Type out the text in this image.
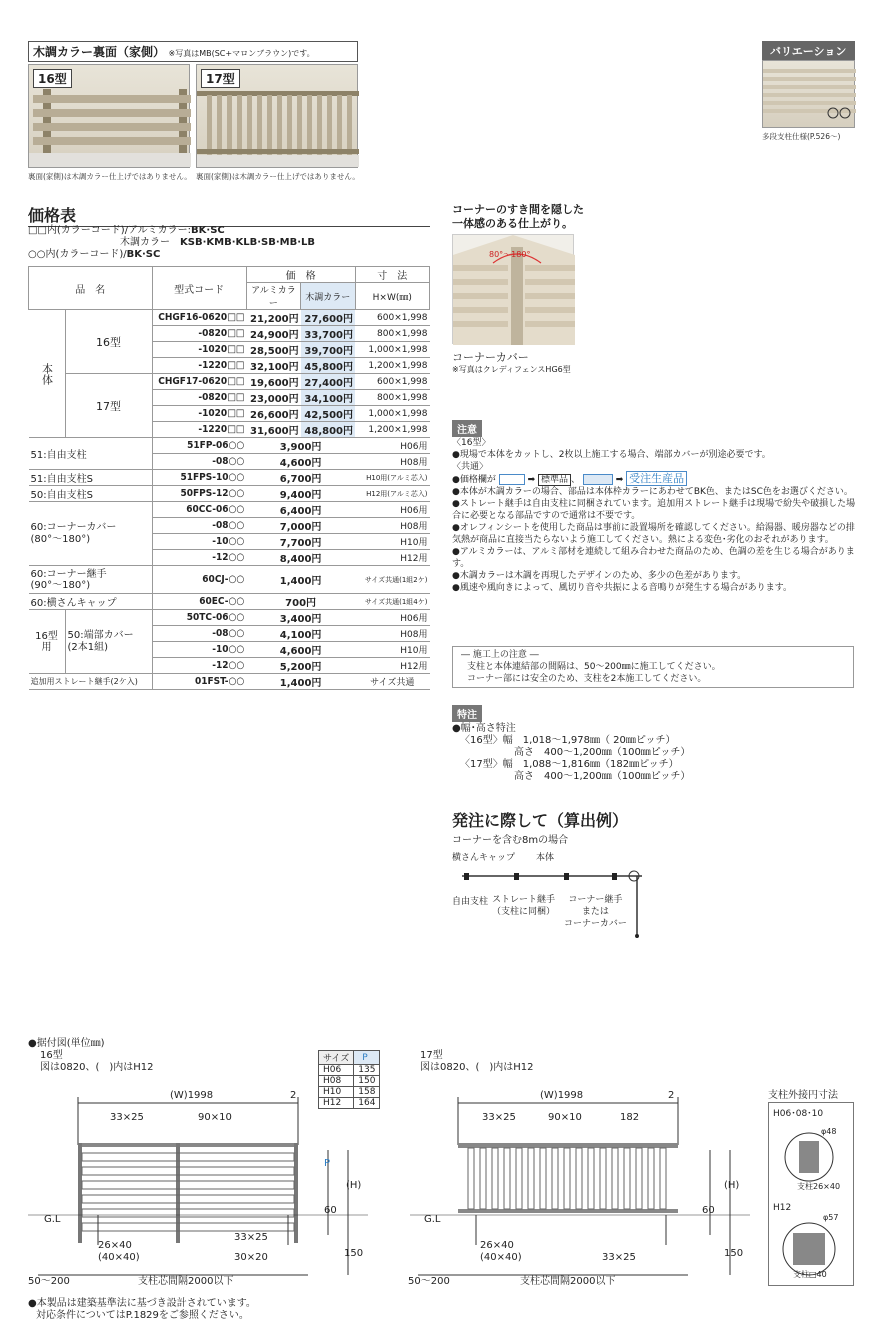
木調カラー裏面（家側） ※写真はMB(SC+マロンブラウン)です。
16型	17型
裏面(家側)は木調カラー仕上げではありません。 裏面(家側)は木調カラー仕上げではありません。
バリエーション
多段支柱仕様(P.526～)
価格表
□□内(カラーコード)/アルミカラー:BK·SC
木調カラー　 KSB·KMB·KLB·SB·MB·LB
○○内(カラーコード)/BK·SC
品　名		型式コード	価　格		寸　法
			アルミカラー	木調カラー	H×W(㎜)
本体	16型	CHGF16-0620□□	21,200円	27,600円	600×1,998
		-0820□□	24,900円	33,700円	800×1,998
		-1020□□	28,500円	39,700円	1,000×1,998
		-1220□□	32,100円	45,800円	1,200×1,998
	17型	CHGF17-0620□□	19,600円	27,400円	600×1,998
		-0820□□	23,000円	34,100円	800×1,998
		-1020□□	26,600円	42,500円	1,000×1,998
		-1220□□	31,600円	48,800円	1,200×1,998
51:自由支柱		51FP-06○○	3,900円		H06用
		-08○○	4,600円		H08用
51:自由支柱S		51FPS-10○○	6,700円		H10用(アルミ芯入)
50:自由支柱S		50FPS-12○○	9,400円		H12用(アルミ芯入)

60:コーナーカバー
(80°～180°)		60CC-06○○	6,400円		H06用
		-08○○	7,000円		H08用
		-10○○	7,700円		H10用
		-12○○	8,400円		H12用

60:コーナー継手
(90°～180°)		60CJ-○○	1,400円		サイズ共通(1組2ケ)
60:横さんキャップ		60EC-○○	700円		サイズ共通(1組4ケ)
16型用	50:端部カバー
(2本1組)	50TC-06○○	3,400円		H06用
		-08○○	4,100円		H08用
		-10○○	4,600円		H10用
		-12○○	5,200円		H12用
追加用ストレート継手(2ケ入)		01FST-○○	1,400円		サイズ共通
コーナーのすき間を隠した
一体感のある仕上がり。
80°～180°
コーナーカバー
※写真はクレディフェンスHG6型
注意

〈16型〉

●現場で本体をカットし、2枚以上施工する場合、端部カバーが別途必要です。

〈共通〉

●価格欄が	➡ 標準品 、	➡ 受注生産品

●本体が木調カラーの場合、部品は本体枠カラーにあわせてBK色、またはSC色をお選びください。

●ストレート継手は自由支柱に同梱されています。追加用ストレート継手は現場で紛失や破損した場合に必要となる部品ですので通常は不要です。

●オレフィンシートを使用した商品は事前に設置場所を確認してください。給湯器、暖房器などの排気熱が商品に直接当たらないよう施工してください。熱による変色･劣化のおそれがあります。

●アルミカラーは、アルミ部材を連続して組み合わせた商品のため、色調の差を生じる場合があります。

●木調カラーは木調を再現したデザインのため、多少の色差があります。

●風速や風向きによって、風切り音や共振による音鳴りが発生する場合があります。

― 施工上の注意 ―
支柱と本体連結部の間隔は、50～200㎜に施工してください。
コーナー部には安全のため、支柱を2本施工してください。
特注
●幅･高さ特注
〈16型〉幅　1,018～1,978㎜（ 20㎜ピッチ）
高さ　400～1,200㎜（100㎜ピッチ）
〈17型〉幅　1,088～1,816㎜（182㎜ピッチ）
高さ　400～1,200㎜（100㎜ピッチ）
発注に際して（算出例）
コーナーを含む8mの場合
横さんキャップ 本体
自由支柱 ストレート継手
（支柱に同梱）
コーナー継手
または
コーナーカバー
●据付図(単位㎜)
16型
図は0820、(　)内はH12
サイズ	P
H06	135
H08	150
H10	158
H12	164
(W)1998	2
33×25	90×10
P
(H)
60
G.L
33×25
26×40
(40×40)	30×20	150
50～200	支柱芯間隔2000以下
17型
図は0820、(　)内はH12
(W)1998	2
33×25	90×10	182
(H)
60
G.L
26×40
(40×40)	33×25	150
50～200	支柱芯間隔2000以下
支柱外接円寸法
H06･08･10
φ48
支柱26×40
H12
φ57
支柱□40
●本製品は建築基準法に基づき設計されています。
対応条件についてはP.1829をご参照ください。
